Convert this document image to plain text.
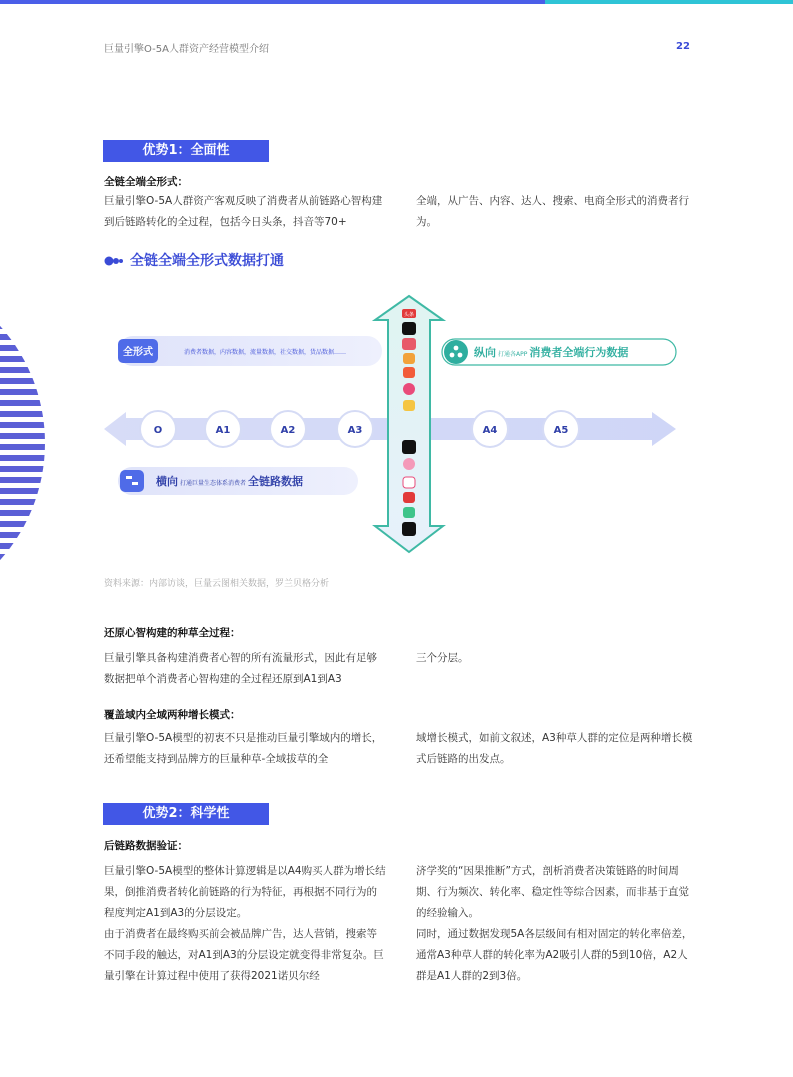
巨量引擎O-5A人群资产经营模型介绍	22
优势1：全面性
全链全端全形式：

巨量引擎O-5A人群资产客观反映了消费者从前链路心智构建到后链路转化的全过程，包括今日头条，抖音等70+

全端，从广告、内容、达人、搜索、电商全形式的消费者行为。

全链全端全形式数据打通
全形式	消费者数据，内容数据，流量数据，社交数据，货品数据……	纵向 打通各APP 消费者全端行为数据
O	A1	A2	A3	A4	A5
横向 打通巨量生态体系消费者 全链路数据
头条
资料来源：内部访谈，巨量云图相关数据，罗兰贝格分析
还原心智构建的种草全过程：

巨量引擎具备构建消费者心智的所有流量形式，因此有足够数据把单个消费者心智构建的全过程还原到A1到A3

三个分层。

覆盖域内全域两种增长模式：

巨量引擎O-5A模型的初衷不只是推动巨量引擎域内的增长，还希望能支持到品牌方的巨量种草-全域拔草的全

域增长模式，如前文叙述，A3种草人群的定位是两种增长模式后链路的出发点。

优势2：科学性
后链路数据验证：

巨量引擎O-5A模型的整体计算逻辑是以A4购买人群为增长结果，倒推消费者转化前链路的行为特征，再根据不同行为的程度判定A1到A3的分层设定。

由于消费者在最终购买前会被品牌广告，达人营销，搜索等不同手段的触达，对A1到A3的分层设定就变得非常复杂。巨量引擎在计算过程中使用了获得2021诺贝尔经

济学奖的“因果推断”方式，剖析消费者决策链路的时间周期、行为频次、转化率、稳定性等综合因素，而非基于直觉的经验输入。

同时，通过数据发现5A各层级间有相对固定的转化率倍差，通常A3种草人群的转化率为A2吸引人群的5到10倍，A2人群是A1人群的2到3倍。
